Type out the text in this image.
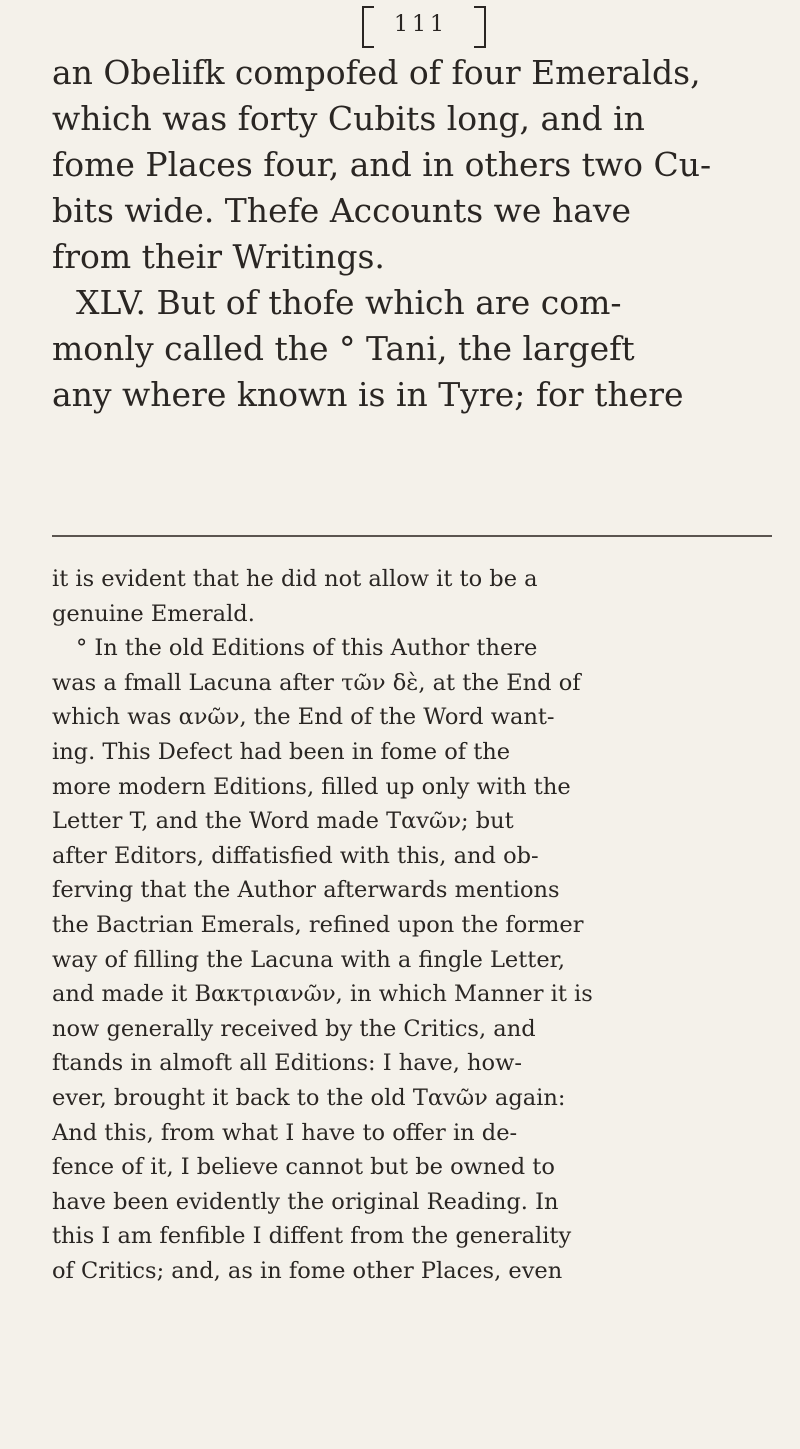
111
an Obelifk compofed of four Emeralds,
which was forty Cubits long, and in
fome Places four, and in others two Cu-
bits wide. Thefe Accounts we have
from their Writings.
XLV. But of thofe which are com-
monly called the ° Tani, the largeft
any where known is in Tyre; for there
it is evident that he did not allow it to be a
genuine Emerald.
° In the old Editions of this Author there
was a fmall Lacuna after τῶν δὲ, at the End of
which was ανῶν, the End of the Word want-
ing. This Defect had been in fome of the
more modern Editions, filled up only with the
Letter T, and the Word made Ταvῶν; but
after Editors, diffatisfied with this, and ob-
ferving that the Author afterwards mentions
the Bactrian Emerals, refined upon the former
way of filling the Lacuna with a fingle Letter,
and made it Βακτριανῶν, in which Manner it is
now generally received by the Critics, and
ftands in almoft all Editions: I have, how-
ever, brought it back to the old Ταvῶν again:
And this, from what I have to offer in de-
fence of it, I believe cannot but be owned to
have been evidently the original Reading. In
this I am fenfible I diffent from the generality
of Critics; and, as in fome other Places, even
